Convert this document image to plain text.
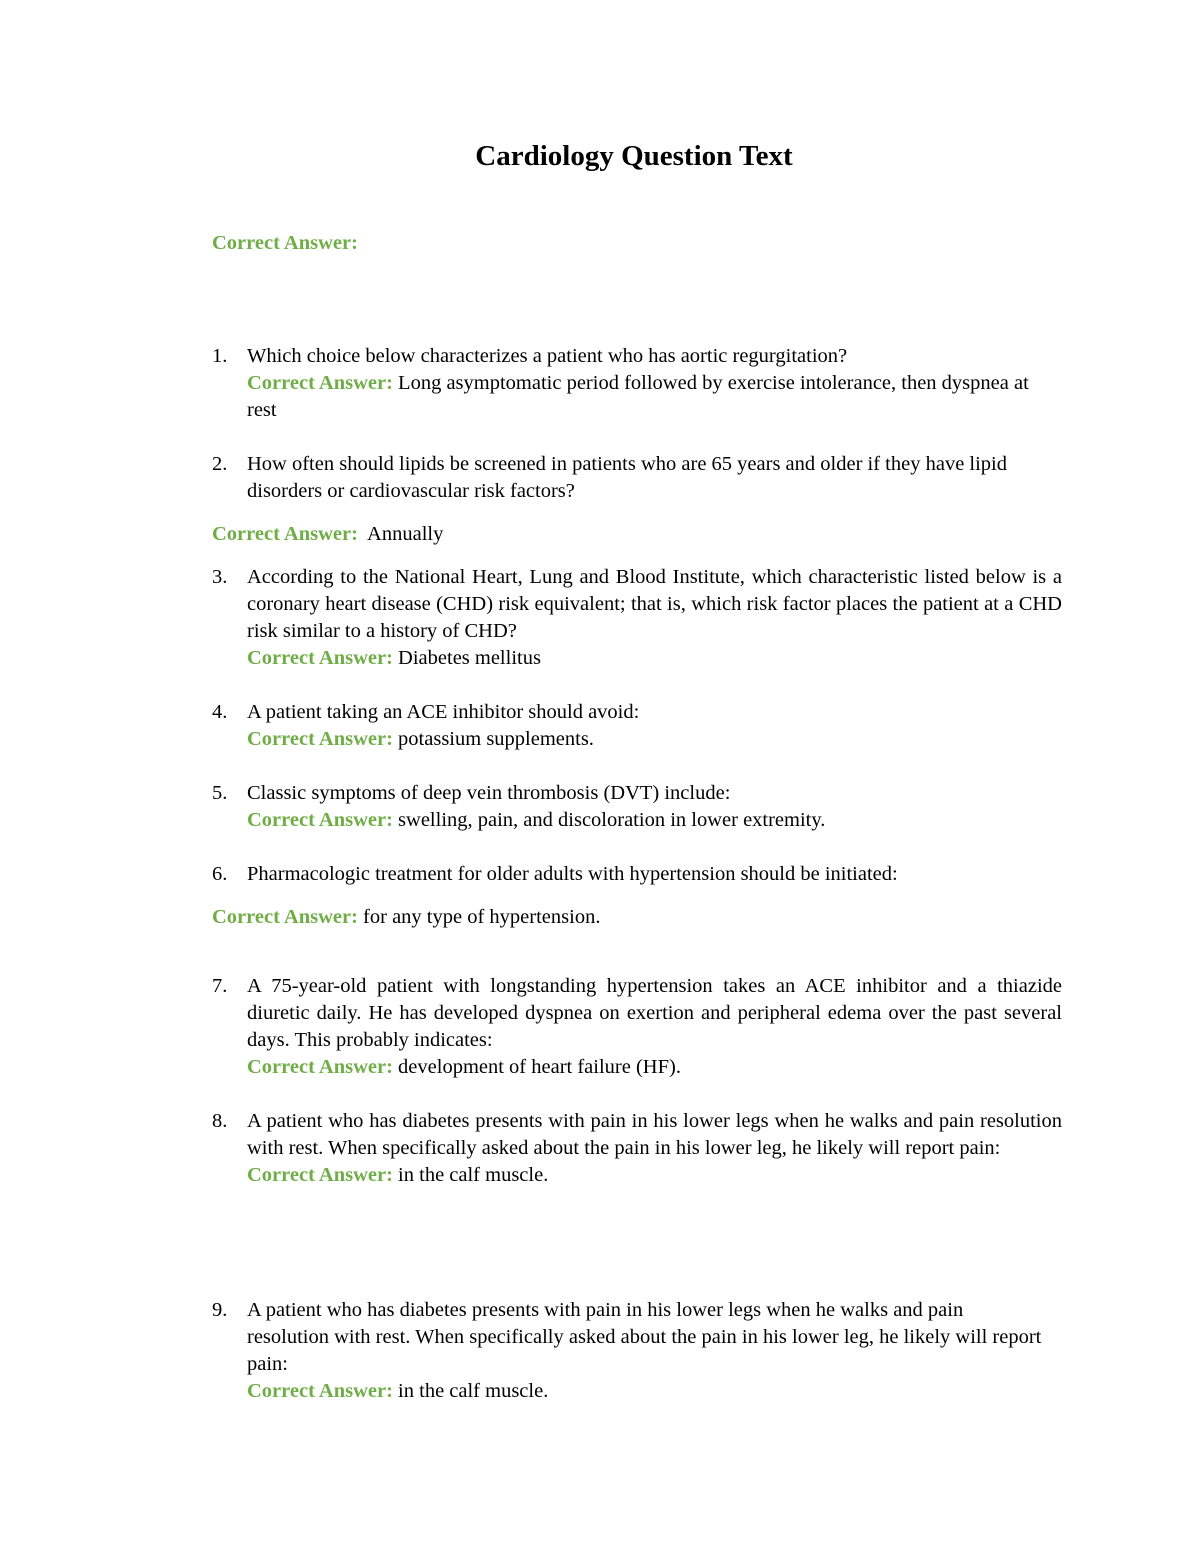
Cardiology Question Text
Correct Answer:
1. Which choice below characterizes a patient who has aortic regurgitation?
Correct Answer: Long asymptomatic period followed by exercise intolerance, then dyspnea at rest
2. How often should lipids be screened in patients who are 65 years and older if they have lipid disorders or cardiovascular risk factors?
Correct Answer: Annually
3. According to the National Heart, Lung and Blood Institute, which characteristic listed below is a coronary heart disease (CHD) risk equivalent; that is, which risk factor places the patient at a CHD risk similar to a history of CHD?
Correct Answer: Diabetes mellitus
4. A patient taking an ACE inhibitor should avoid:
Correct Answer: potassium supplements.
5. Classic symptoms of deep vein thrombosis (DVT) include:
Correct Answer: swelling, pain, and discoloration in lower extremity.
6. Pharmacologic treatment for older adults with hypertension should be initiated:
Correct Answer: for any type of hypertension.
7. A 75-year-old patient with longstanding hypertension takes an ACE inhibitor and a thiazide diuretic daily. He has developed dyspnea on exertion and peripheral edema over the past several days. This probably indicates:
Correct Answer: development of heart failure (HF).
8. A patient who has diabetes presents with pain in his lower legs when he walks and pain resolution with rest. When specifically asked about the pain in his lower leg, he likely will report pain:
Correct Answer: in the calf muscle.
9. A patient who has diabetes presents with pain in his lower legs when he walks and pain resolution with rest. When specifically asked about the pain in his lower leg, he likely will report pain:
Correct Answer: in the calf muscle.
